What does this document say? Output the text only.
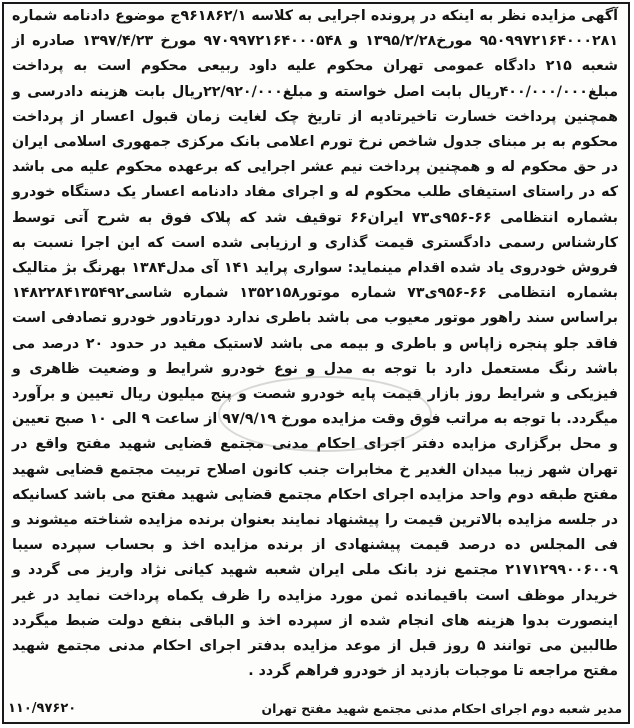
آگهی مزایده نظر به اینکه در پرونده اجرایی به کلاسه ۹۶۱۸۶۲/۱ج موضوع دادنامه شماره ۹۵۰۹۹۷۲۱۶۴۰۰۰۲۸۱ مورخ۱۳۹۵/۲/۲۸ و ۹۷۰۹۹۷۲۱۶۴۰۰۰۵۴۸ مورخ ۱۳۹۷/۴/۲۳ صادره از شعبه ۲۱۵ دادگاه عمومی تهران محکوم علیه داود ربیعی محکوم است به پرداخت مبلغ۴۰۰/۰۰۰/۰۰۰ریال بابت اصل خواسته و مبلغ۲۲/۹۲۰/۰۰۰ریال بابت هزینه دادرسی و همچنین پرداخت خسارت تاخیرتادیه از تاریخ چک لغایت زمان قبول اعسار از پرداخت محکوم به بر مبنای جدول شاخص نرخ تورم اعلامی بانک مرکزی جمهوری اسلامی ایران در حق محکوم له و همچنین پرداخت نیم عشر اجرایی که برعهده محکوم علیه می باشد که در راستای استیفای طلب محکوم له و اجرای مفاد دادنامه اعسار یک دستگاه خودرو بشماره انتظامی ۶۶-۹۵۶ی۷۳ ایران۶۶ توقیف شد که پلاک فوق به شرح آتی توسط کارشناس رسمی دادگستری قیمت گذاری و ارزیابی شده است که این اجرا نسبت به فروش خودروی یاد شده اقدام مینماید: سواری پراید ۱۴۱ آی مدل۱۳۸۴ بهرنگ بژ متالیک بشماره انتظامی ۶۶-۹۵۶ی۷۳ شماره موتور۱۳۵۲۱۵۸ شماره شاسی۱۴۸۲۲۸۴۱۳۵۴۹۲ براساس سند راهور موتور معیوب می باشد باطری ندارد دورتادور خودرو تصادفی است فاقد جلو پنجره زاپاس و باطری و بیمه می باشد لاستیک مفید در حدود ۲۰ درصد می باشد رنگ مستعمل دارد با توجه به مدل و نوع خودرو شرایط و وضعیت ظاهری و فیزیکی و شرایط روز بازار قیمت پایه خودرو شصت و پنج میلیون ریال تعیین و برآورد میگردد. با توجه به مراتب فوق وقت مزایده مورخ ۹۷/۹/۱۹ از ساعت ۹ الی ۱۰ صبح تعیین و محل برگزاری مزایده دفتر اجرای احکام مدنی مجتمع قضایی شهید مفتح واقع در تهران شهر زیبا میدان الغدیر خ مخابرات جنب کانون اصلاح تربیت مجتمع قضایی شهید مفتح طبقه دوم واحد مزایده اجرای احکام مجتمع قضایی شهید مفتح می باشد کسانیکه در جلسه مزایده بالاترین قیمت را پیشنهاد نمایند بعنوان برنده مزایده شناخته میشوند و فی المجلس ده درصد قیمت پیشنهادی از برنده مزایده اخذ و بحساب سپرده سیبا ۲۱۷۱۲۹۹۰۰۶۰۰۹ مجتمع نزد بانک ملی ایران شعبه شهید کیانی نژاد واریز می گردد و خریدار موظف است باقیمانده ثمن مورد مزایده را ظرف یکماه پرداخت نماید در غیر اینصورت بدوا هزینه های انجام شده از سپرده اخذ و الباقی بنفع دولت ضبط میگردد طالبین می توانند ۵ روز قبل از موعد مزایده بدفتر اجرای احکام مدنی مجتمع شهید مفتح مراجعه تا موجبات بازدید از خودرو فراهم گردد .

۱۱۰/۹۷۶۲۰	مدیر شعبه دوم اجرای احکام مدنی مجتمع شهید مفتح تهران
